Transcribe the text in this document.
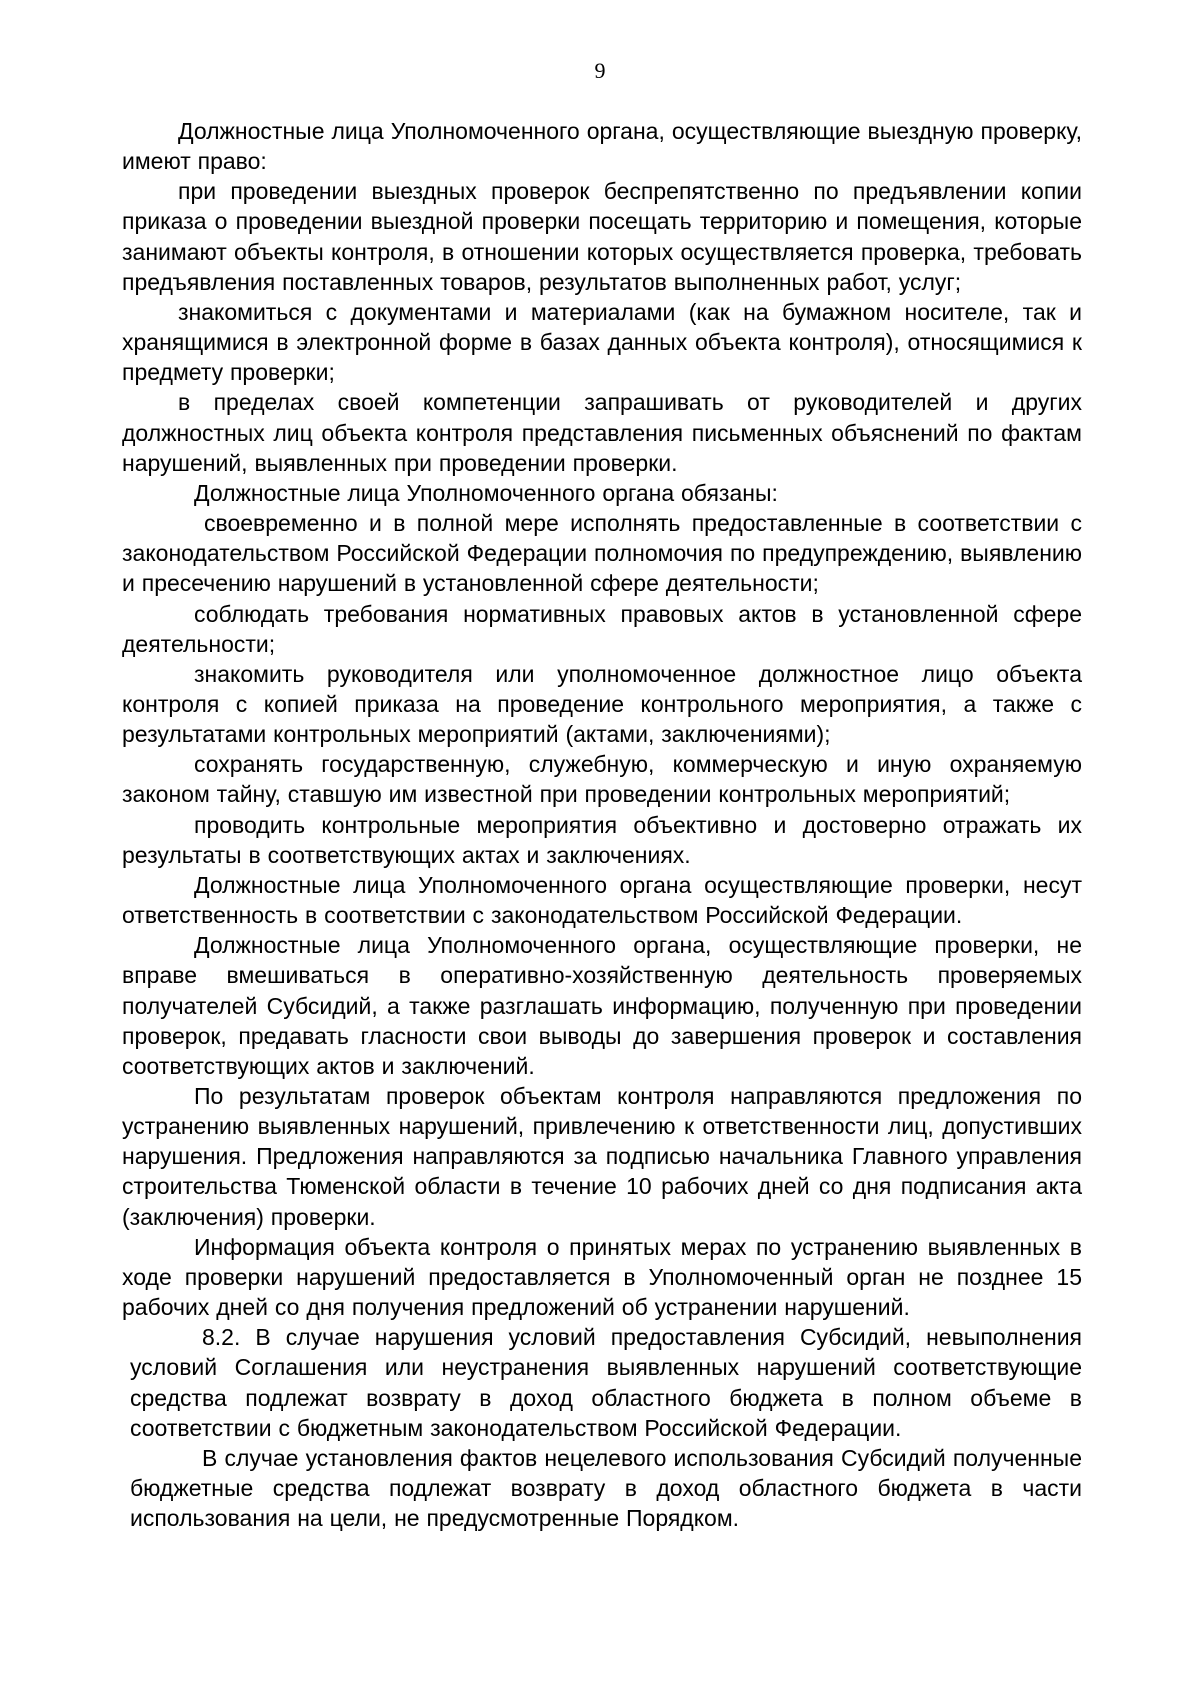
9

Должностные лица Уполномоченного органа, осуществляющие выездную проверку, имеют право:

при проведении выездных проверок беспрепятственно по предъявлении копии приказа о проведении выездной проверки посещать территорию и помещения, которые занимают объекты контроля, в отношении которых осуществляется проверка, требовать предъявления поставленных товаров, результатов выполненных работ, услуг;

знакомиться с документами и материалами (как на бумажном носителе, так и хранящимися в электронной форме в базах данных объекта контроля), относящимися к предмету проверки;

в пределах своей компетенции запрашивать от руководителей и других должностных лиц объекта контроля представления письменных объяснений по фактам нарушений, выявленных при проведении проверки.

Должностные лица Уполномоченного органа обязаны:

своевременно и в полной мере исполнять предоставленные в соответствии с законодательством Российской Федерации полномочия по предупреждению, выявлению и пресечению нарушений в установленной сфере деятельности;

соблюдать требования нормативных правовых актов в установленной сфере деятельности;

знакомить руководителя или уполномоченное должностное лицо объекта контроля с копией приказа на проведение контрольного мероприятия, а также с результатами контрольных мероприятий (актами, заключениями);

сохранять государственную, служебную, коммерческую и иную охраняемую законом тайну, ставшую им известной при проведении контрольных мероприятий;

проводить контрольные мероприятия объективно и достоверно отражать их результаты в соответствующих актах и заключениях.

Должностные лица Уполномоченного органа осуществляющие проверки, несут ответственность в соответствии с законодательством Российской Федерации.

Должностные лица Уполномоченного органа, осуществляющие проверки, не вправе вмешиваться в оперативно-хозяйственную деятельность проверяемых получателей Субсидий, а также разглашать информацию, полученную при проведении проверок, предавать гласности свои выводы до завершения проверок и составления соответствующих актов и заключений.

По результатам проверок объектам контроля направляются предложения по устранению выявленных нарушений, привлечению к ответственности лиц, допустивших нарушения. Предложения направляются за подписью начальника Главного управления строительства Тюменской области в течение 10 рабочих дней со дня подписания акта (заключения) проверки.

Информация объекта контроля о принятых мерах по устранению выявленных в ходе проверки нарушений предоставляется в Уполномоченный орган не позднее 15 рабочих дней со дня получения предложений об устранении нарушений.

8.2. В случае нарушения условий предоставления Субсидий, невыполнения условий Соглашения или неустранения выявленных нарушений соответствующие средства подлежат возврату в доход областного бюджета в полном объеме в соответствии с бюджетным законодательством Российской Федерации.

В случае установления фактов нецелевого использования Субсидий полученные бюджетные средства подлежат возврату в доход областного бюджета в части использования на цели, не предусмотренные Порядком.
